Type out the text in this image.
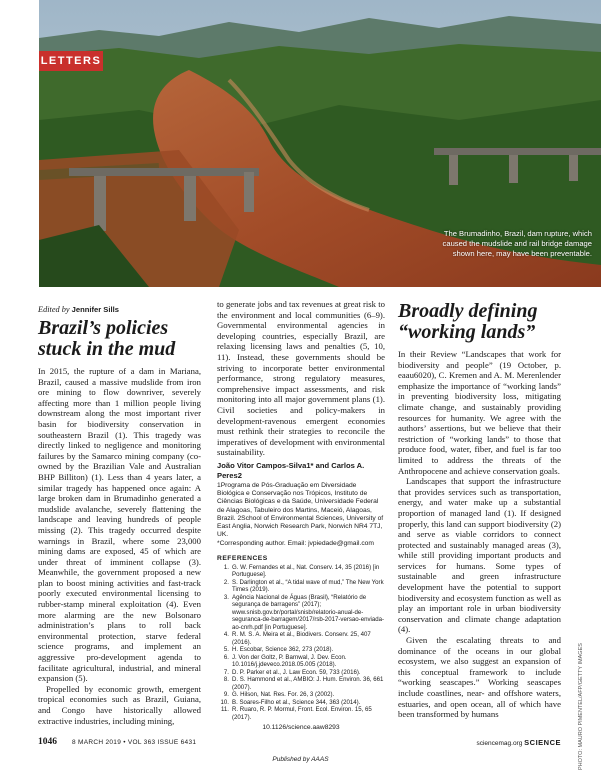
LETTERS
The Brumadinho, Brazil, dam rupture, which caused the mudslide and rail bridge damage shown here, may have been preventable.
PHOTO: MAURO PIMENTEL/AFP/GETTY IMAGES
Edited by Jennifer Sills
Brazil’s policies stuck in the mud

In 2015, the rupture of a dam in Mariana, Brazil, caused a massive mudslide from iron ore mining to flow downriver, severely affecting more than 1 million people living downstream along the most important river basin for biodiversity conservation in southeastern Brazil (1). This tragedy was directly linked to negligence and monitoring failures by the Samarco mining company (co-owned by the Brazilian Vale and Australian BHP Billiton) (1). Less than 4 years later, a similar tragedy has happened once again: A large broken dam in Brumadinho generated a mudslide avalanche, severely flattening the landscape and leaving hundreds of people missing (2). This tragedy occurred despite warnings in Brazil, where some 23,000 mining dams are exposed, 45 of which are under threat of imminent collapse (3). Meanwhile, the government proposed a new plan to boost mining activities and fast-track poorly executed environmental licensing to rubber-stamp mineral exploitation (4). Even more alarming are the new Bolsonaro administration’s plans to roll back environmental protection, starve federal science programs, and implement an aggressive pro-development agenda to facilitate agricultural, industrial, and mineral expansion (5).

Propelled by economic growth, emergent tropical economies such as Brazil, Guiana, and Congo have historically allowed extractive industries, including mining,

to generate jobs and tax revenues at great risk to the environment and local communities (6–9). Governmental environmental agencies in developing countries, especially Brazil, are relaxing licensing laws and penalties (5, 10, 11). Instead, these governments should be striving to incorporate better environmental performance, strong regulatory measures, comprehensive impact assessments, and risk monitoring into all major government plans (1). Civil societies and policy-makers in development-ravenous emergent economies must rethink their strategies to reconcile the imperatives of development with environmental sustainability.

João Vitor Campos-Silva1* and Carlos A. Peres2
1Programa de Pós-Graduação em Diversidade Biológica e Conservação nos Trópicos, Instituto de Ciências Biológicas e da Saúde, Universidade Federal de Alagoas, Tabuleiro dos Martins, Maceió, Alagoas, Brazil. 2School of Environmental Sciences, University of East Anglia, Norwich Research Park, Norwich NR4 7TJ, UK.
*Corresponding author. Email: jvpiedade@gmail.com
REFERENCES
1. G. W. Fernandes et al., Nat. Conserv. 14, 35 (2016) [in Portuguese].
2. S. Darlington et al., “A tidal wave of mud,” The New York Times (2019).
3. Agência Nacional de Águas (Brasil), “Relatório de segurança de barragens” (2017); www.snisb.gov.br/portal/snisb/relatorio-anual-de-seguranca-de-barragem/2017/rsb-2017-versao-enviada-ao-cnrh.pdf [in Portuguese].
4. R. M. S. A. Meira et al., Biodivers. Conserv. 25, 407 (2016).
5. H. Escobar, Science 362, 273 (2018).
6. J. Von der Goltz, P. Barnwal, J. Dev. Econ. 10.1016/j.jdeveco.2018.05.005 (2018).
7. D. P. Parker et al., J. Law Econ. 59, 733 (2016).
8. D. S. Hammond et al., AMBIO: J. Hum. Environ. 36, 661 (2007).
9. G. Hilson, Nat. Res. For. 26, 3 (2002).
10. B. Soares-Filho et al., Science 344, 363 (2014).
11. R. Ruaro, R. P. Mormul, Front. Ecol. Environ. 15, 65 (2017).
10.1126/science.aaw8293
Broadly defining “working lands”

In their Review “Landscapes that work for biodiversity and people” (19 October, p. eaau6020), C. Kremen and A. M. Merenlender emphasize the importance of “working lands” in preventing biodiversity loss, mitigating climate change, and sustainably providing resources for humanity. We agree with the authors’ assertions, but we believe that their restriction of “working lands” to those that produce food, water, fiber, and fuel is far too limited to address the threats of the Anthropocene and achieve conservation goals.

Landscapes that support the infrastructure that provides services such as transportation, energy, and water make up a substantial proportion of managed land (1). If designed properly, this land can support biodiversity (2) and serve as viable corridors to connect protected and sustainably managed areas (3), while still providing important products and services for humans. Some types of sustainable and green infrastructure development have the potential to support biodiversity and ecosystem function as well as play an important role in urban biodiversity conservation and climate change adaptation (4).

Given the escalating threats to and dominance of the oceans in our global ecosystem, we also suggest an expansion of this conceptual framework to include “working seascapes.” Working seascapes include coastlines, near- and offshore waters, estuaries, and open ocean, all of which have been transformed by humans

1046 8 MARCH 2019 • VOL 363 ISSUE 6431	sciencemag.org SCIENCE
Published by AAAS
